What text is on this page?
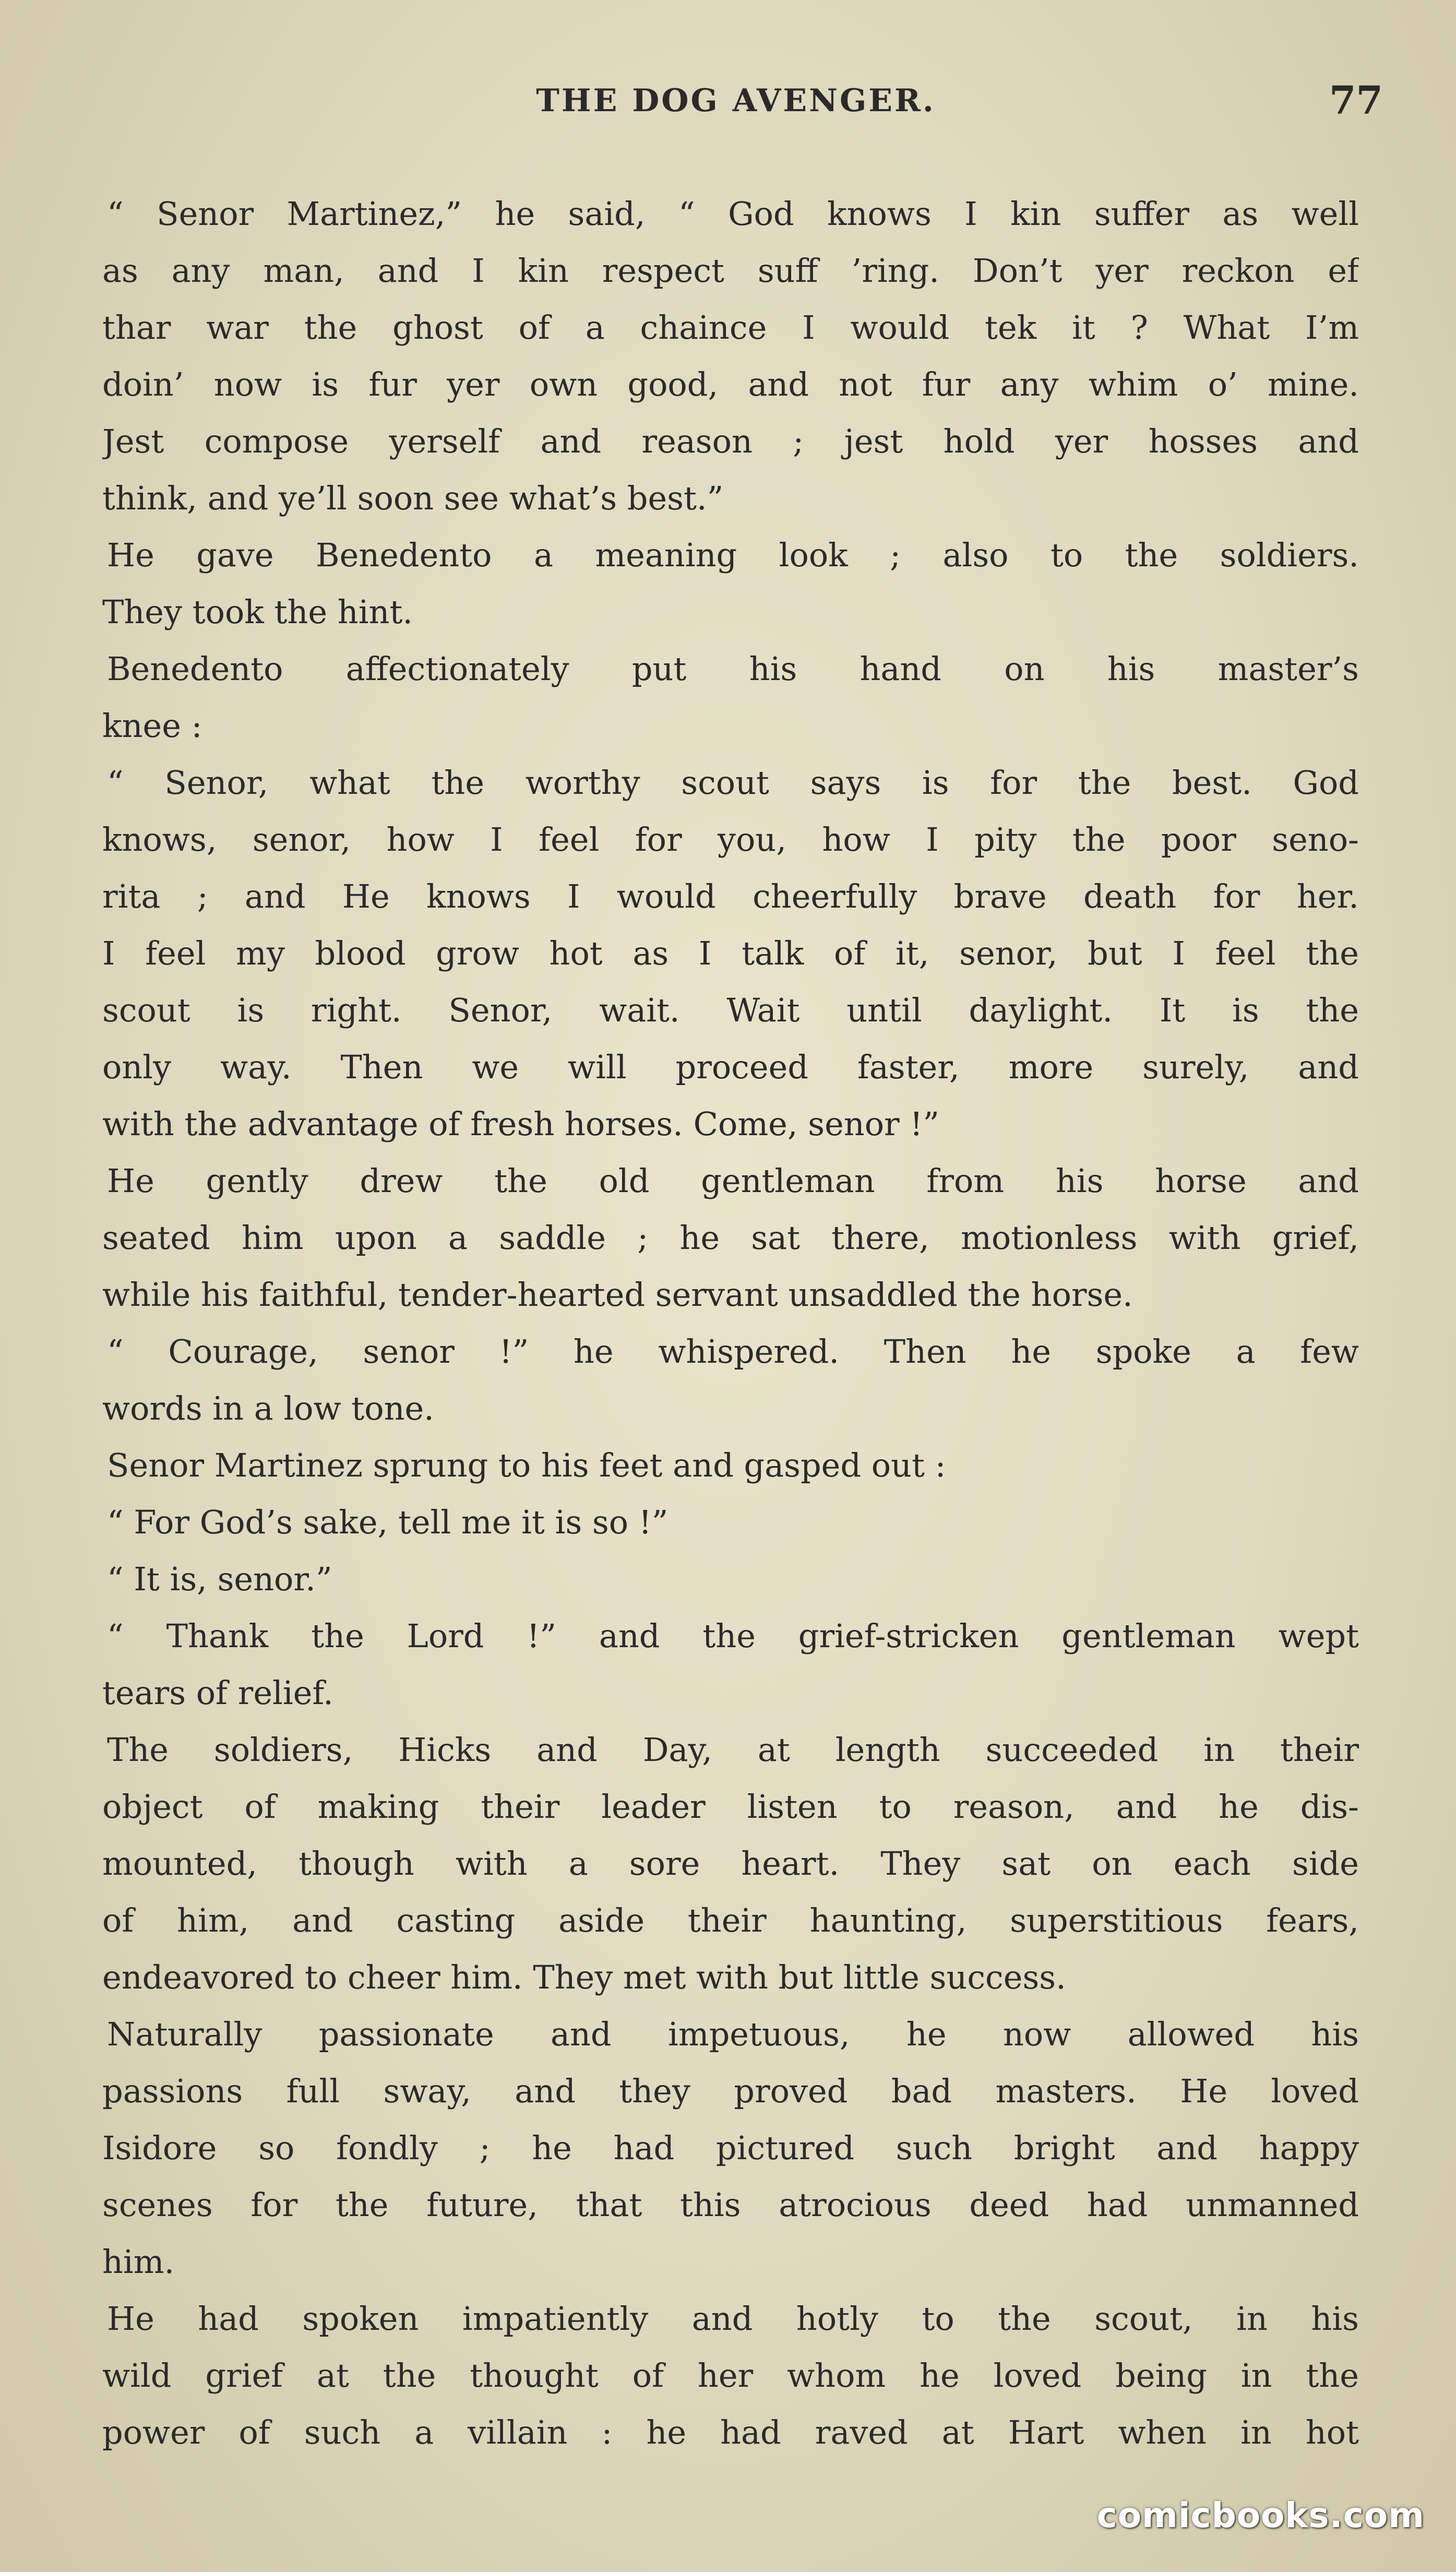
THE DOG AVENGER.	77
“ Senor Martinez,” he said, “ God knows I kin suffer as well
as any man, and I kin respect suff ’ring. Don’t yer reckon ef
thar war the ghost of a chaince I would tek it ? What I’m
doin’ now is fur yer own good, and not fur any whim o’ mine.
Jest compose yerself and reason ; jest hold yer hosses and
think, and ye’ll soon see what’s best.”
He gave Benedento a meaning look ; also to the soldiers.
They took the hint.
Benedento affectionately put his hand on his master’s
knee :
“ Senor, what the worthy scout says is for the best. God
knows, senor, how I feel for you, how I pity the poor seno-
rita ; and He knows I would cheerfully brave death for her.
I feel my blood grow hot as I talk of it, senor, but I feel the
scout is right. Senor, wait. Wait until daylight. It is the
only way. Then we will proceed faster, more surely, and
with the advantage of fresh horses. Come, senor !”
He gently drew the old gentleman from his horse and
seated him upon a saddle ; he sat there, motionless with grief,
while his faithful, tender-hearted servant unsaddled the horse.
“ Courage, senor !” he whispered. Then he spoke a few
words in a low tone.
Senor Martinez sprung to his feet and gasped out :
“ For God’s sake, tell me it is so !”
“ It is, senor.”
“ Thank the Lord !” and the grief-stricken gentleman wept
tears of relief.
The soldiers, Hicks and Day, at length succeeded in their
object of making their leader listen to reason, and he dis-
mounted, though with a sore heart. They sat on each side
of him, and casting aside their haunting, superstitious fears,
endeavored to cheer him. They met with but little success.
Naturally passionate and impetuous, he now allowed his
passions full sway, and they proved bad masters. He loved
Isidore so fondly ; he had pictured such bright and happy
scenes for the future, that this atrocious deed had unmanned
him.
He had spoken impatiently and hotly to the scout, in his
wild grief at the thought of her whom he loved being in the
power of such a villain : he had raved at Hart when in hot
comicbooks.com
